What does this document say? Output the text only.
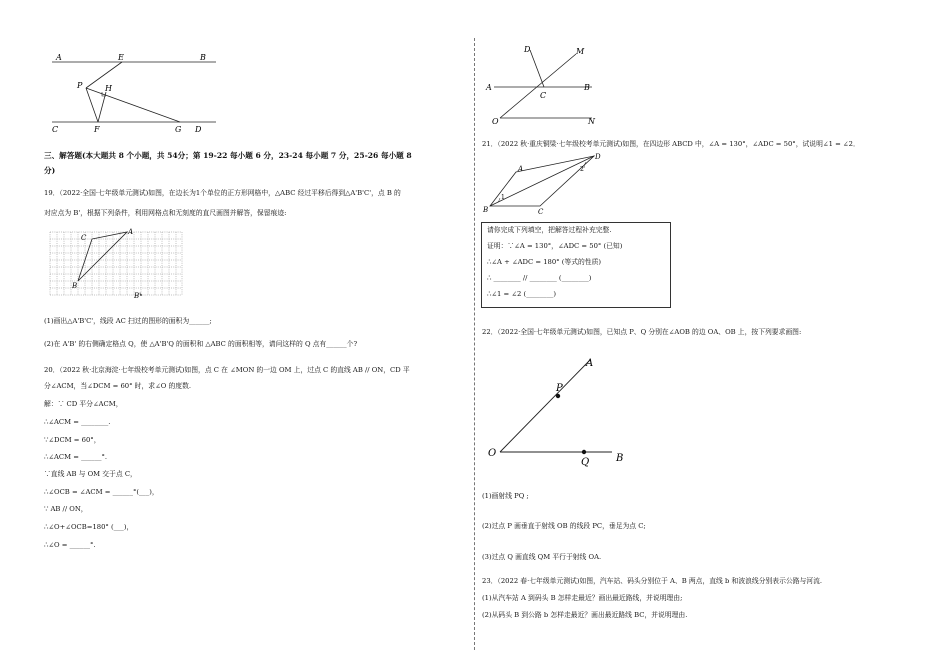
A	E	B
P	H
C	F	G D
三、解答题(本大题共 8 个小题，共 54分；第 19-22 每小题 6 分，23-24 每小题 7 分，25-26 每小题 8
分)
19．（2022·全国·七年级单元测试)如图，在边长为1个单位的正方形网格中，△ABC 经过平移后得到△A'B'C'，点 B 的
对应点为 B'，根据下列条件，利用网格点和无刻度的直尺画图并解答，保留痕迹:
C
A
B
B'
(1)画出△A'B'C'，线段 AC 扫过的图形的面积为______;
(2)在 A'B' 的右侧确定格点 Q，使 △A'B'Q 的面积和 △ABC 的面积相等，请问这样的 Q 点有______个?
20．（2022 秋·北京海淀·七年级校考单元测试)如图，点 C 在 ∠MON 的一边 OM 上，过点 C 的直线 AB // ON，CD 平
分∠ACM，当∠DCM = 60° 时，求∠O 的度数.
解：∵ CD 平分∠ACM，
∴∠ACM = ________.
∵∠DCM = 60°，
∴∠ACM = ______°.
∵直线 AB 与 OM 交于点 C，
∴∠OCB = ∠ACM = ______°(___)，
∵ AB // ON，
∴∠O+∠OCB=180° (___)，
∴∠O = ______°.
D	M
A
C
B
O	N
21．（2022 秋·重庆铜梁·七年级校考单元测试)如图，在四边形 ABCD 中，∠A = 130°，∠ADC = 50°，试说明∠1 = ∠2．
D
A
B	C
2
1
请你完成下列填空，把解答过程补充完整.
证明：∵∠A = 130°，∠ADC = 50° (已知)
∴∠A + ∠ADC = 180° (等式的性质)
∴ ________ // ________ (________)
∴∠1 = ∠2 (________)
22．（2022·全国·七年级单元测试)如图，已知点 P、Q 分别在∠AOB 的边 OA、OB 上，按下列要求画图:
A
P
O
Q	B
(1)画射线 PQ ;
(2)过点 P 画垂直于射线 OB 的线段 PC，垂足为点 C;
(3)过点 Q 画直线 QM 平行于射线 OA.
23．（2022 春·七年级单元测试)如图，汽车站、码头分别位于 A、B 两点，直线 b 和波浪线分别表示公路与河流.
(1)从汽车站 A 到码头 B 怎样走最近？画出最近路线，并说明理由;
(2)从码头 B 到公路 b 怎样走最近？画出最近路线 BC，并说明理由.
